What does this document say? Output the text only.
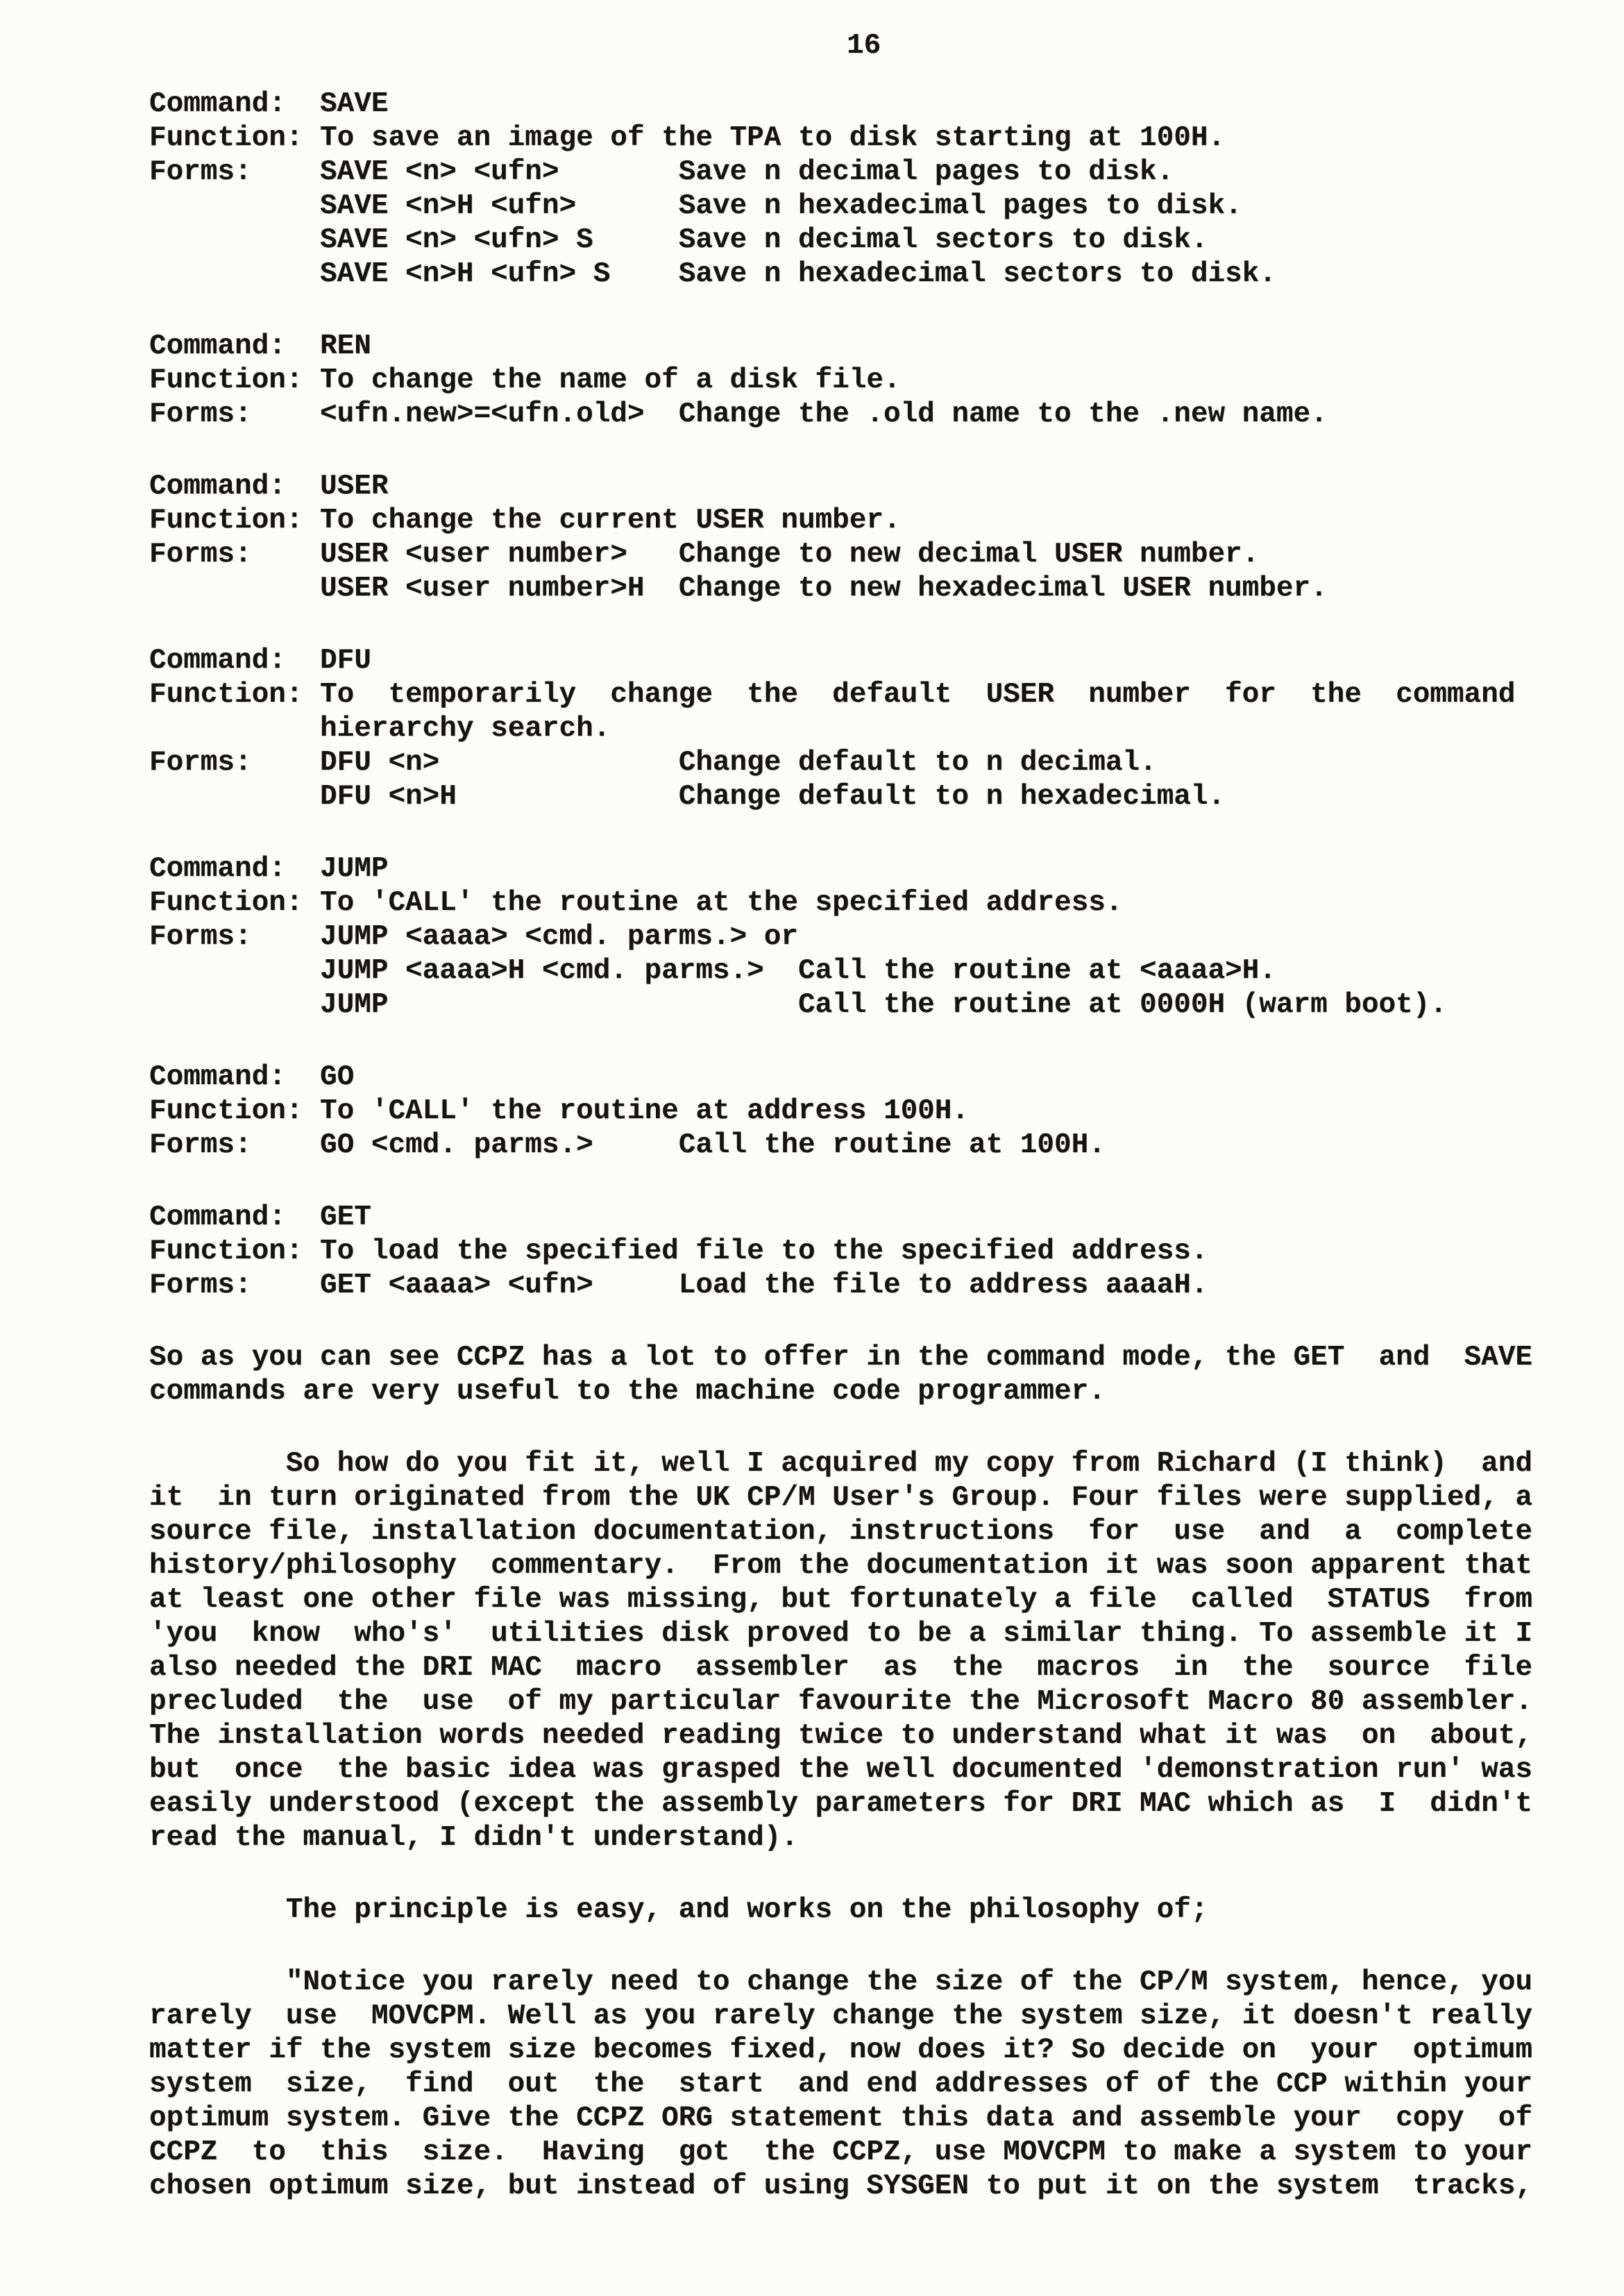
16
Command:  SAVE
Function: To save an image of the TPA to disk starting at 100H.
Forms:    SAVE <n> <ufn>       Save n decimal pages to disk.
SAVE <n>H <ufn>      Save n hexadecimal pages to disk.
SAVE <n> <ufn> S     Save n decimal sectors to disk.
SAVE <n>H <ufn> S    Save n hexadecimal sectors to disk.
Command:  REN
Function: To change the name of a disk file.
Forms:    <ufn.new>=<ufn.old>  Change the .old name to the .new name.
Command:  USER
Function: To change the current USER number.
Forms:    USER <user number>   Change to new decimal USER number.
USER <user number>H  Change to new hexadecimal USER number.
Command:  DFU
Function: To  temporarily  change  the  default  USER  number  for  the  command
hierarchy search.
Forms:    DFU <n>              Change default to n decimal.
DFU <n>H             Change default to n hexadecimal.
Command:  JUMP
Function: To 'CALL' the routine at the specified address.
Forms:    JUMP <aaaa> <cmd. parms.> or
JUMP <aaaa>H <cmd. parms.>  Call the routine at <aaaa>H.
JUMP                        Call the routine at 0000H (warm boot).
Command:  GO
Function: To 'CALL' the routine at address 100H.
Forms:    GO <cmd. parms.>     Call the routine at 100H.
Command:  GET
Function: To load the specified file to the specified address.
Forms:    GET <aaaa> <ufn>     Load the file to address aaaaH.
So as you can see CCPZ has a lot to offer in the command mode, the GET  and  SAVE
commands are very useful to the machine code programmer.
So how do you fit it, well I acquired my copy from Richard (I think)  and
it  in turn originated from the UK CP/M User's Group. Four files were supplied, a
source file, installation documentation, instructions  for  use  and  a  complete
history/philosophy  commentary.  From the documentation it was soon apparent that
at least one other file was missing, but fortunately a file  called  STATUS  from
'you  know  who's'  utilities disk proved to be a similar thing. To assemble it I
also needed the DRI MAC  macro  assembler  as  the  macros  in  the  source  file
precluded  the  use  of my particular favourite the Microsoft Macro 80 assembler.
The installation words needed reading twice to understand what it was  on  about,
but  once  the basic idea was grasped the well documented 'demonstration run' was
easily understood (except the assembly parameters for DRI MAC which as  I  didn't
read the manual, I didn't understand).
The principle is easy, and works on the philosophy of;
"Notice you rarely need to change the size of the CP/M system, hence, you
rarely  use  MOVCPM. Well as you rarely change the system size, it doesn't really
matter if the system size becomes fixed, now does it? So decide on  your  optimum
system  size,  find  out  the  start  and end addresses of of the CCP within your
optimum system. Give the CCPZ ORG statement this data and assemble your  copy  of
CCPZ  to  this  size.  Having  got  the CCPZ, use MOVCPM to make a system to your
chosen optimum size, but instead of using SYSGEN to put it on the system  tracks,
